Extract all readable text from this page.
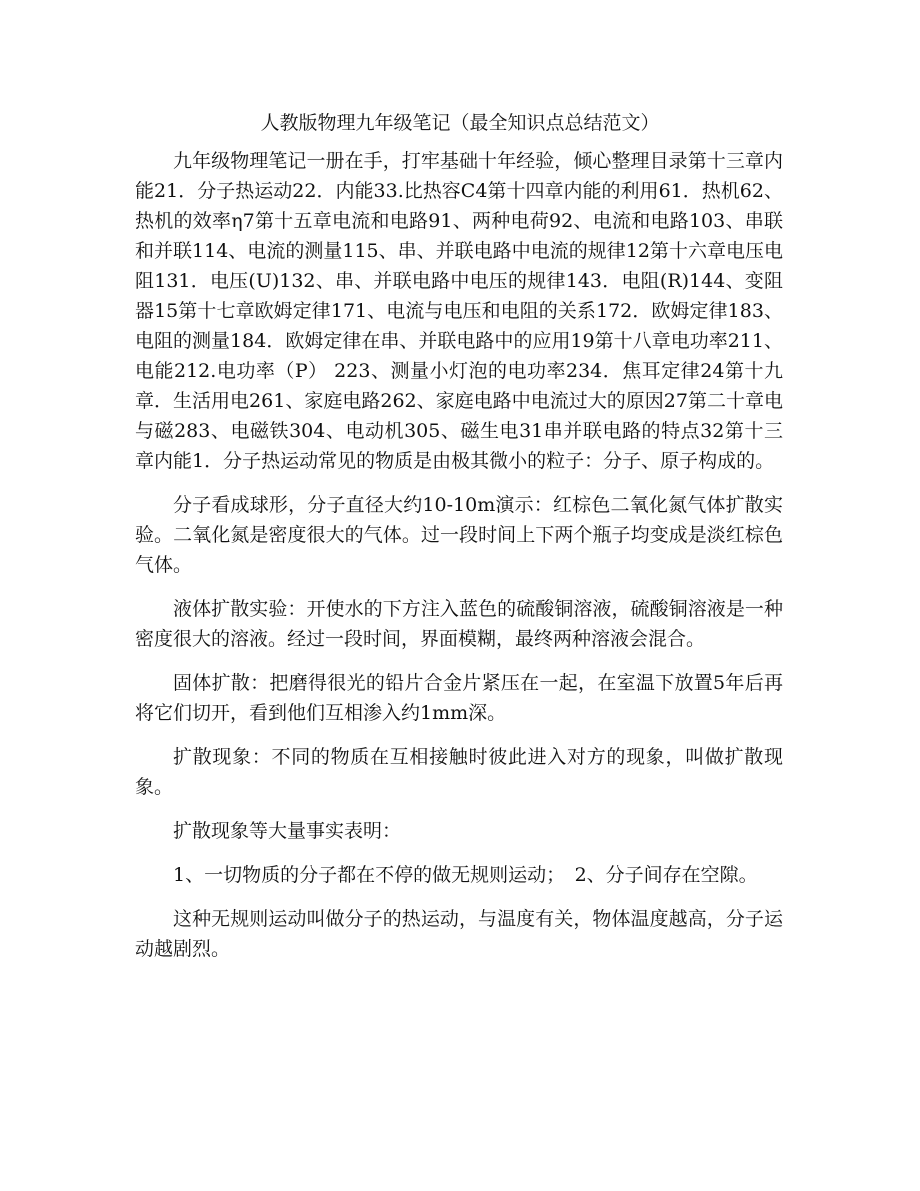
人教版物理九年级笔记（最全知识点总结范文）

九年级物理笔记一册在手，打牢基础十年经验，倾心整理目录第十三章内能21．分子热运动22．内能33.比热容C4第十四章内能的利用61．热机62、热机的效率η7第十五章电流和电路91、两种电荷92、电流和电路103、串联和并联114、电流的测量115、串、并联电路中电流的规律12第十六章电压电阻131．电压(U)132、串、并联电路中电压的规律143．电阻(R)144、变阻器15第十七章欧姆定律171、电流与电压和电阻的关系172．欧姆定律183、电阻的测量184．欧姆定律在串、并联电路中的应用19第十八章电功率211、电能212.电功率（P） 223、测量小灯泡的电功率234．焦耳定律24第十九章．生活用电261、家庭电路262、家庭电路中电流过大的原因27第二十章电与磁283、电磁铁304、电动机305、磁生电31串并联电路的特点32第十三章内能1．分子热运动常见的物质是由极其微小的粒子：分子、原子构成的。

分子看成球形，分子直径大约10-10m演示：红棕色二氧化氮气体扩散实验。二氧化氮是密度很大的气体。过一段时间上下两个瓶子均变成是淡红棕色气体。

液体扩散实验：开使水的下方注入蓝色的硫酸铜溶液，硫酸铜溶液是一种密度很大的溶液。经过一段时间，界面模糊，最终两种溶液会混合。

固体扩散：把磨得很光的铅片合金片紧压在一起，在室温下放置5年后再将它们切开，看到他们互相渗入约1mm深。

扩散现象：不同的物质在互相接触时彼此进入对方的现象，叫做扩散现象。

扩散现象等大量事实表明：

1、一切物质的分子都在不停的做无规则运动；　2、分子间存在空隙。

这种无规则运动叫做分子的热运动，与温度有关，物体温度越高，分子运动越剧烈。
